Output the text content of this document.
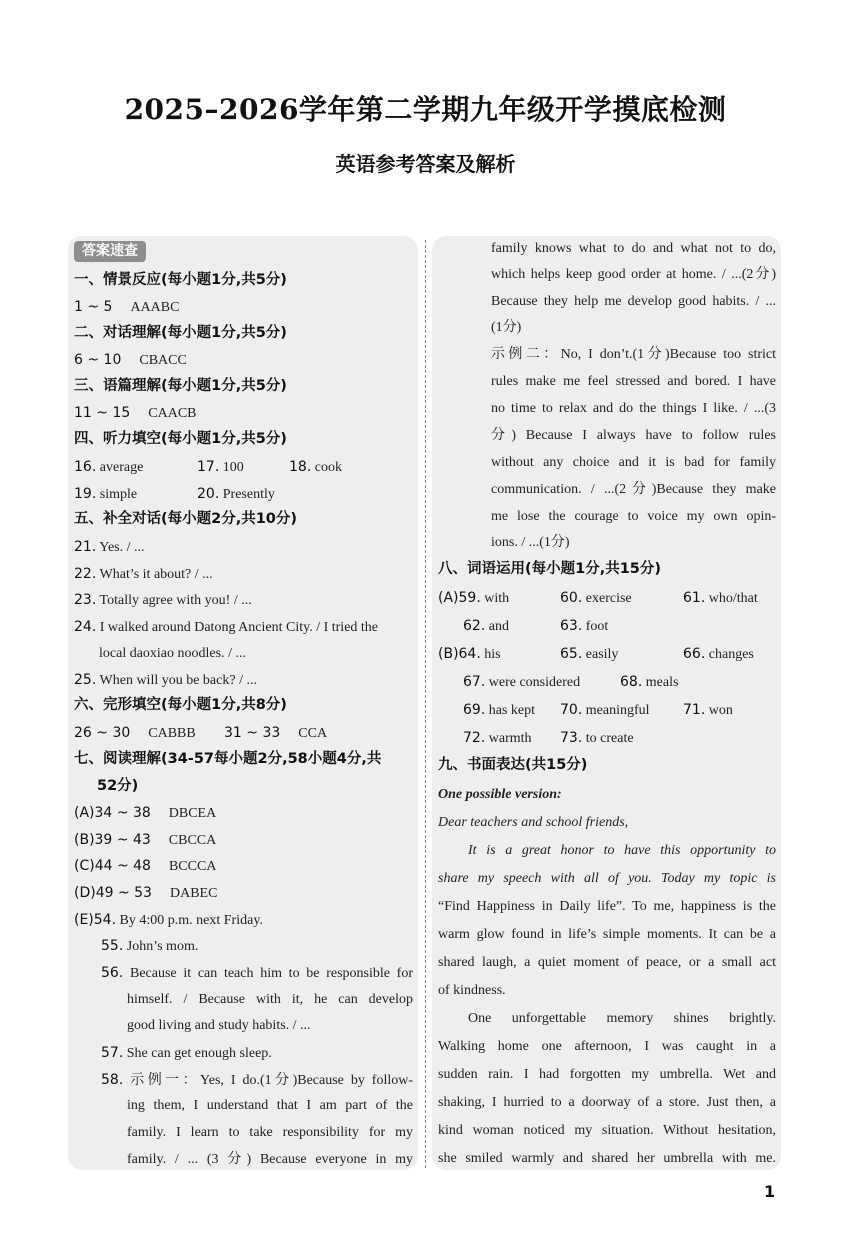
2025–2026学年第二学期九年级开学摸底检测
英语参考答案及解析
答案速查
一、情景反应(每小题1分,共5分)
1 ~ 5 AAABC
二、对话理解(每小题1分,共5分)
6 ~ 10 CBACC
三、语篇理解(每小题1分,共5分)
11 ~ 15 CAACB
四、听力填空(每小题1分,共5分)
16. average	17. 100	18. cook
19. simple	20. Presently
五、补全对话(每小题2分,共10分)
21. Yes. / ...
22. What’s it about? / ...
23. Totally agree with you! / ...
24. I walked around Datong Ancient City. / I tried the
local daoxiao noodles. / ...
25. When will you be back? / ...
六、完形填空(每小题1分,共8分)
26 ~ 30 CABBB 31 ~ 33 CCA
七、阅读理解(34-57每小题2分,58小题4分,共
52分)
(A)34 ~ 38 DBCEA
(B)39 ~ 43 CBCCA
(C)44 ~ 48 BCCCA
(D)49 ~ 53 DABEC
(E)54. By 4:00 p.m. next Friday.
55. John’s mom.
56. Because it can teach him to be responsible for
himself. / Because with it, he can develop
good living and study habits. / ...
57. She can get enough sleep.
58. 示例一：Yes, I do.(1分)Because by follow-
ing them, I understand that I am part of the
family. I learn to take responsibility for my
family. / ... (3 分) Because everyone in my
family knows what to do and what not to do,
which helps keep good order at home. / ...(2分)
Because they help me develop good habits. / ...
(1分)
示例二：No, I don’t.(1分)Because too strict
rules make me feel stressed and bored. I have
no time to relax and do the things I like. / ...(3
分) Because I always have to follow rules
without any choice and it is bad for family
communication. / ...(2分)Because they make
me lose the courage to voice my own opin-
ions. / ...(1分)
八、词语运用(每小题1分,共15分)
(A)59. with	60. exercise	61. who/that
62. and	63. foot
(B)64. his	65. easily	66. changes
67. were considered	68. meals
69. has kept 70. meaningful 71. won
72. warmth 73. to create
九、书面表达(共15分)
One possible version:
Dear teachers and school friends,
It is a great honor to have this opportunity to
share my speech with all of you. Today my topic is
“Find Happiness in Daily life”. To me, happiness is the
warm glow found in life’s simple moments. It can be a
shared laugh, a quiet moment of peace, or a small act
of kindness.
One unforgettable memory shines brightly.
Walking home one afternoon, I was caught in a
sudden rain. I had forgotten my umbrella. Wet and
shaking, I hurried to a doorway of a store. Just then, a
kind woman noticed my situation. Without hesitation,
she smiled warmly and shared her umbrella with me.
1
